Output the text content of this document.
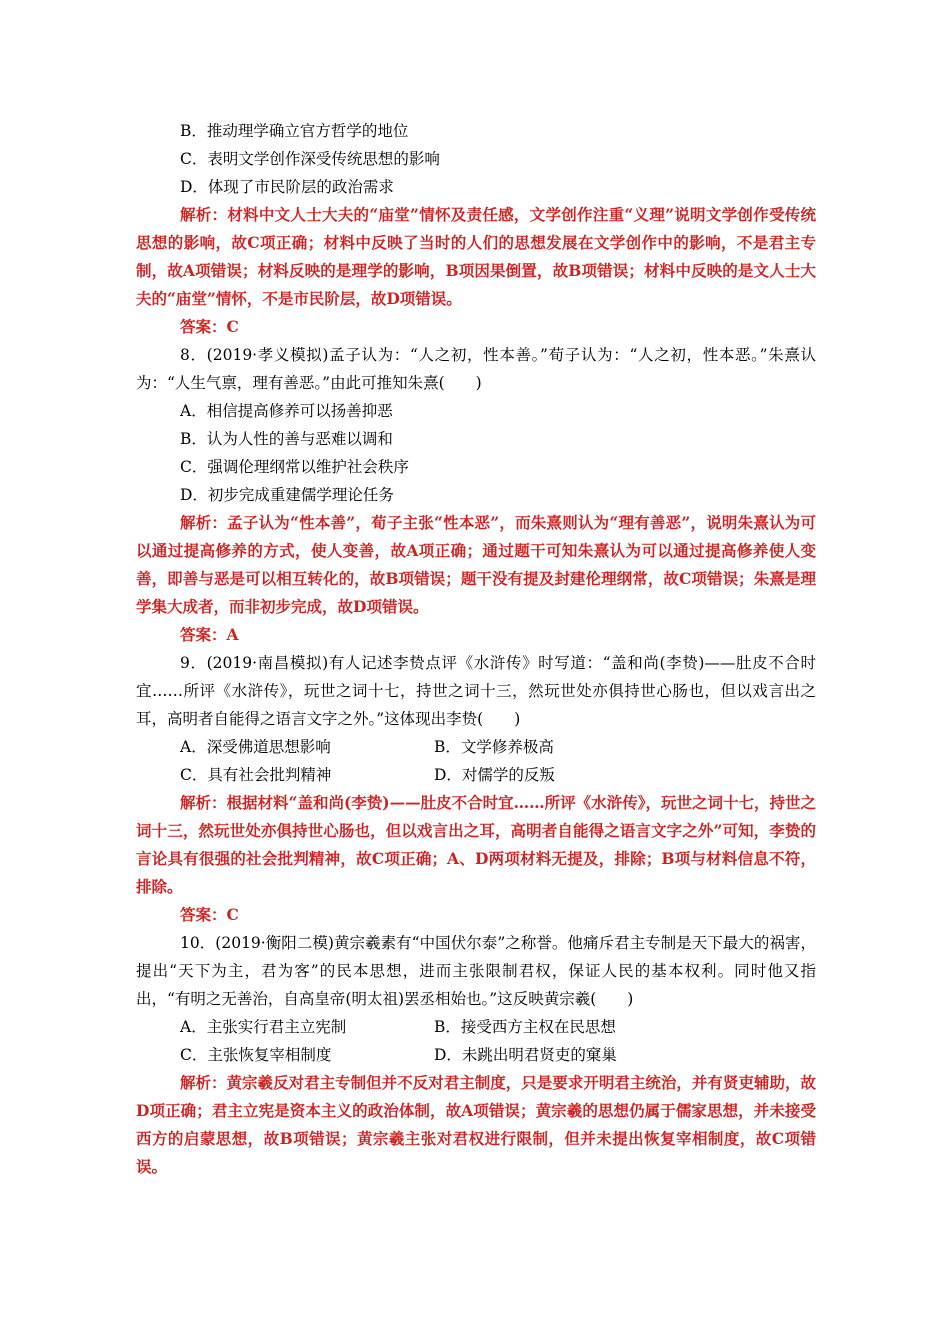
B．推动理学确立官方哲学的地位
C．表明文学创作深受传统思想的影响
D．体现了市民阶层的政治需求
解析：材料中文人士大夫的“庙堂”情怀及责任感，文学创作注重“义理”说明文学创作受传统思想的影响，故C项正确；材料中反映了当时的人们的思想发展在文学创作中的影响，不是君主专制，故A项错误；材料反映的是理学的影响，B项因果倒置，故B项错误；材料中反映的是文人士大夫的“庙堂”情怀，不是市民阶层，故D项错误。
答案：C
8．(2019·孝义模拟)孟子认为：“人之初，性本善。”荀子认为：“人之初，性本恶。”朱熹认为：“人生气禀，理有善恶。”由此可推知朱熹(　　)
A．相信提高修养可以扬善抑恶
B．认为人性的善与恶难以调和
C．强调伦理纲常以维护社会秩序
D．初步完成重建儒学理论任务
解析：孟子认为“性本善”，荀子主张“性本恶”，而朱熹则认为“理有善恶”，说明朱熹认为可以通过提高修养的方式，使人变善，故A项正确；通过题干可知朱熹认为可以通过提高修养使人变善，即善与恶是可以相互转化的，故B项错误；题干没有提及封建伦理纲常，故C项错误；朱熹是理学集大成者，而非初步完成，故D项错误。
答案：A
9．(2019·南昌模拟)有人记述李贽点评《水浒传》时写道：“盖和尚(李贽)——肚皮不合时宜……所评《水浒传》，玩世之词十七，持世之词十三，然玩世处亦俱持世心肠也，但以戏言出之耳，高明者自能得之语言文字之外。”这体现出李贽(　　)
A．深受佛道思想影响	B．文学修养极高
C．具有社会批判精神	D．对儒学的反叛
解析：根据材料“盖和尚(李贽)——肚皮不合时宜……所评《水浒传》，玩世之词十七，持世之词十三，然玩世处亦俱持世心肠也，但以戏言出之耳，高明者自能得之语言文字之外”可知，李贽的言论具有很强的社会批判精神，故C项正确；A、D两项材料无提及，排除；B项与材料信息不符，排除。
答案：C
10．(2019·衡阳二模)黄宗羲素有“中国伏尔泰”之称誉。他痛斥君主专制是天下最大的祸害，提出“天下为主，君为客”的民本思想，进而主张限制君权，保证人民的基本权利。同时他又指出，“有明之无善治，自高皇帝(明太祖)罢丞相始也。”这反映黄宗羲(　　)
A．主张实行君主立宪制	B．接受西方主权在民思想
C．主张恢复宰相制度	D．未跳出明君贤吏的窠巢
解析：黄宗羲反对君主专制但并不反对君主制度，只是要求开明君主统治，并有贤吏辅助，故D项正确；君主立宪是资本主义的政治体制，故A项错误；黄宗羲的思想仍属于儒家思想，并未接受西方的启蒙思想，故B项错误；黄宗羲主张对君权进行限制，但并未提出恢复宰相制度，故C项错误。
